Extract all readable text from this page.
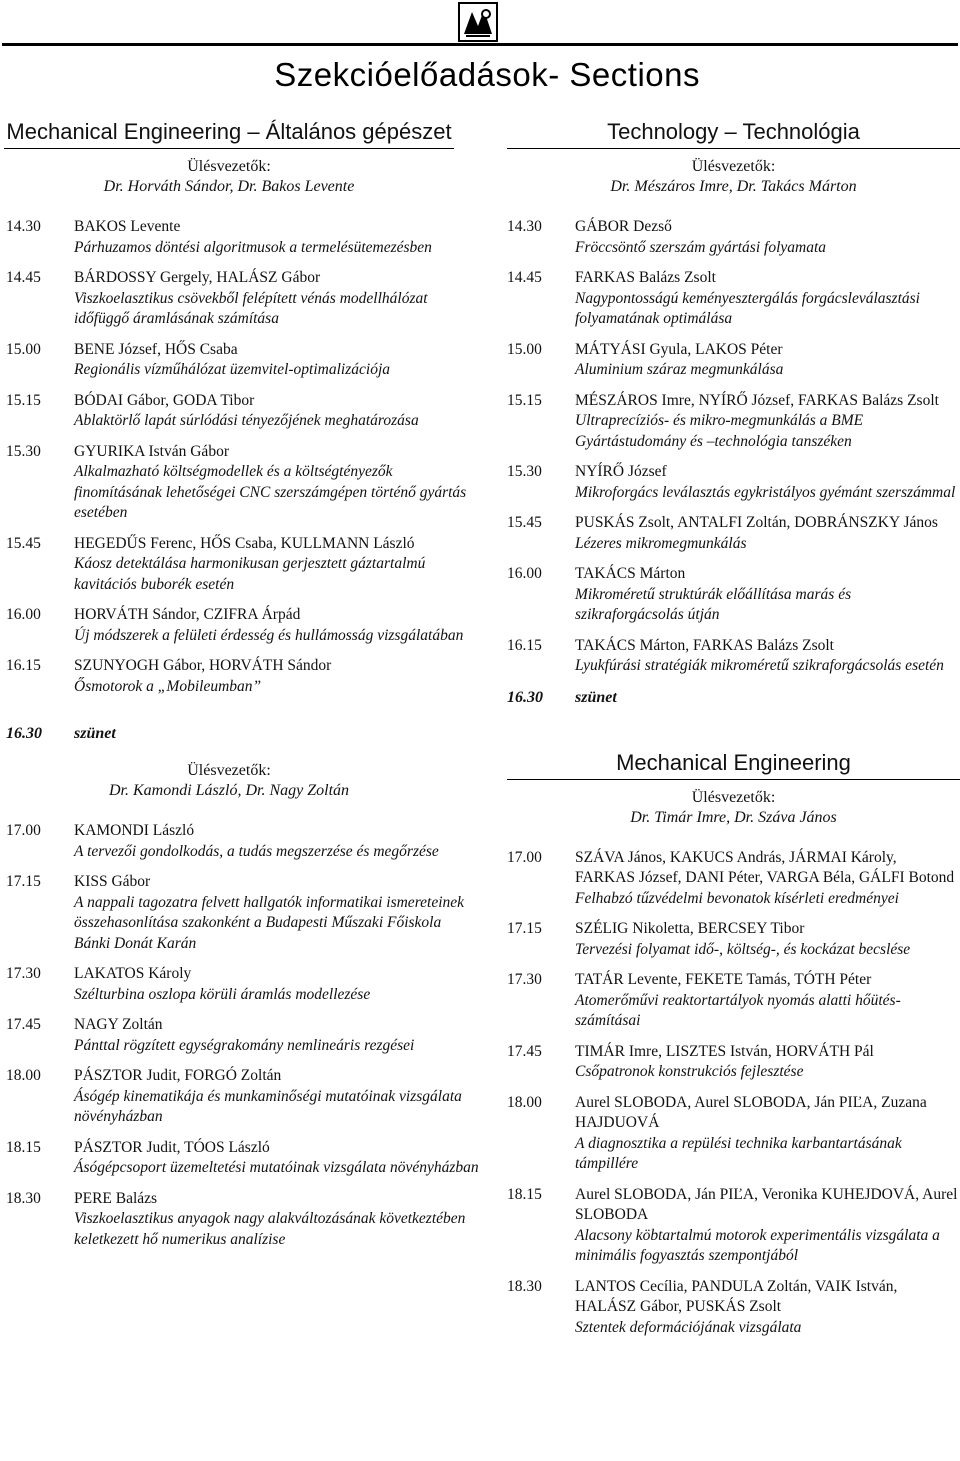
Szekcióelőadások- Sections
Mechanical Engineering – Általános gépészet
Ülésvezetők:
Dr. Horváth Sándor, Dr. Bakos Levente
14.30	BAKOS Levente
Párhuzamos döntési algoritmusok a termelésütemezésben
14.45	BÁRDOSSY Gergely, HALÁSZ Gábor
Viszkoelasztikus csövekből felépített vénás modellhálózat időfüggő áramlásának számítása
15.00	BENE József, HŐS Csaba
Regionális vízműhálózat üzemvitel-optimalizációja
15.15	BÓDAI Gábor, GODA Tibor
Ablaktörlő lapát súrlódási tényezőjének meghatározása
15.30	GYURIKA István Gábor
Alkalmazható költségmodellek és a költségtényezők finomításának lehetőségei CNC szerszámgépen történő gyártás esetében
15.45	HEGEDŰS Ferenc, HŐS Csaba, KULLMANN László
Káosz detektálása harmonikusan gerjesztett gáztartalmú kavitációs buborék esetén
16.00	HORVÁTH Sándor, CZIFRA Árpád
Új módszerek a felületi érdesség és hullámosság vizsgálatában
16.15	SZUNYOGH Gábor, HORVÁTH Sándor
Ősmotorok a „Mobileumban”
16.30	szünet
Ülésvezetők:
Dr. Kamondi László, Dr. Nagy Zoltán
17.00	KAMONDI László
A tervezői gondolkodás, a tudás megszerzése és megőrzése
17.15	KISS Gábor
A nappali tagozatra felvett hallgatók informatikai ismereteinek összehasonlítása szakonként a Budapesti Műszaki Főiskola Bánki Donát Karán
17.30	LAKATOS Károly
Szélturbina oszlopa körüli áramlás modellezése
17.45	NAGY Zoltán
Pánttal rögzített egységrakomány nemlineáris rezgései
18.00	PÁSZTOR Judit, FORGÓ Zoltán
Ásógép kinematikája és munkaminőségi mutatóinak vizsgálata növényházban
18.15	PÁSZTOR Judit, TÓOS László
Ásógépcsoport üzemeltetési mutatóinak vizsgálata növényházban
18.30	PERE Balázs
Viszkoelasztikus anyagok nagy alakváltozásának következtében keletkezett hő numerikus analízise
Technology – Technológia
Ülésvezetők:
Dr. Mészáros Imre, Dr. Takács Márton
14.30	GÁBOR Dezső
Fröccsöntő szerszám gyártási folyamata
14.45	FARKAS Balázs Zsolt
Nagypontosságú keményesztergálás forgácsleválasztási folyamatának optimálása
15.00	MÁTYÁSI Gyula, LAKOS Péter
Aluminium száraz megmunkálása
15.15	MÉSZÁROS Imre, NYÍRŐ József, FARKAS Balázs Zsolt
Ultraprecíziós- és mikro-megmunkálás a BME Gyártástudomány és –technológia tanszéken
15.30	NYÍRŐ József
Mikroforgács leválasztás egykristályos gyémánt szerszámmal
15.45	PUSKÁS Zsolt, ANTALFI Zoltán, DOBRÁNSZKY János
Lézeres mikromegmunkálás
16.00	TAKÁCS Márton
Mikroméretű struktúrák előállítása marás és szikraforgácsolás útján
16.15	TAKÁCS Márton, FARKAS Balázs Zsolt
Lyukfúrási stratégiák mikroméretű szikraforgácsolás esetén
16.30	szünet
Mechanical Engineering
Ülésvezetők:
Dr. Timár Imre, Dr. Száva János
17.00	SZÁVA János, KAKUCS András, JÁRMAI Károly, FARKAS József, DANI Péter, VARGA Béla, GÁLFI Botond
Felhabzó tűzvédelmi bevonatok kísérleti eredményei
17.15	SZÉLIG Nikoletta, BERCSEY Tibor
Tervezési folyamat idő-, költség-, és kockázat becslése
17.30	TATÁR Levente, FEKETE Tamás, TÓTH Péter
Atomerőművi reaktortartályok nyomás alatti hőütés-számításai
17.45	TIMÁR Imre, LISZTES István, HORVÁTH Pál
Csőpatronok konstrukciós fejlesztése
18.00	Aurel SLOBODA, Aurel SLOBODA, Ján PIĽA, Zuzana HAJDUOVÁ
A diagnosztika a repülési technika karbantartásának támpillére
18.15	Aurel SLOBODA, Ján PIĽA, Veronika KUHEJDOVÁ, Aurel SLOBODA
Alacsony köbtartalmú motorok experimentális vizsgálata a minimális fogyasztás szempontjából
18.30	LANTOS Cecília, PANDULA Zoltán, VAIK István, HALÁSZ Gábor, PUSKÁS Zsolt
Sztentek deformációjának vizsgálata
